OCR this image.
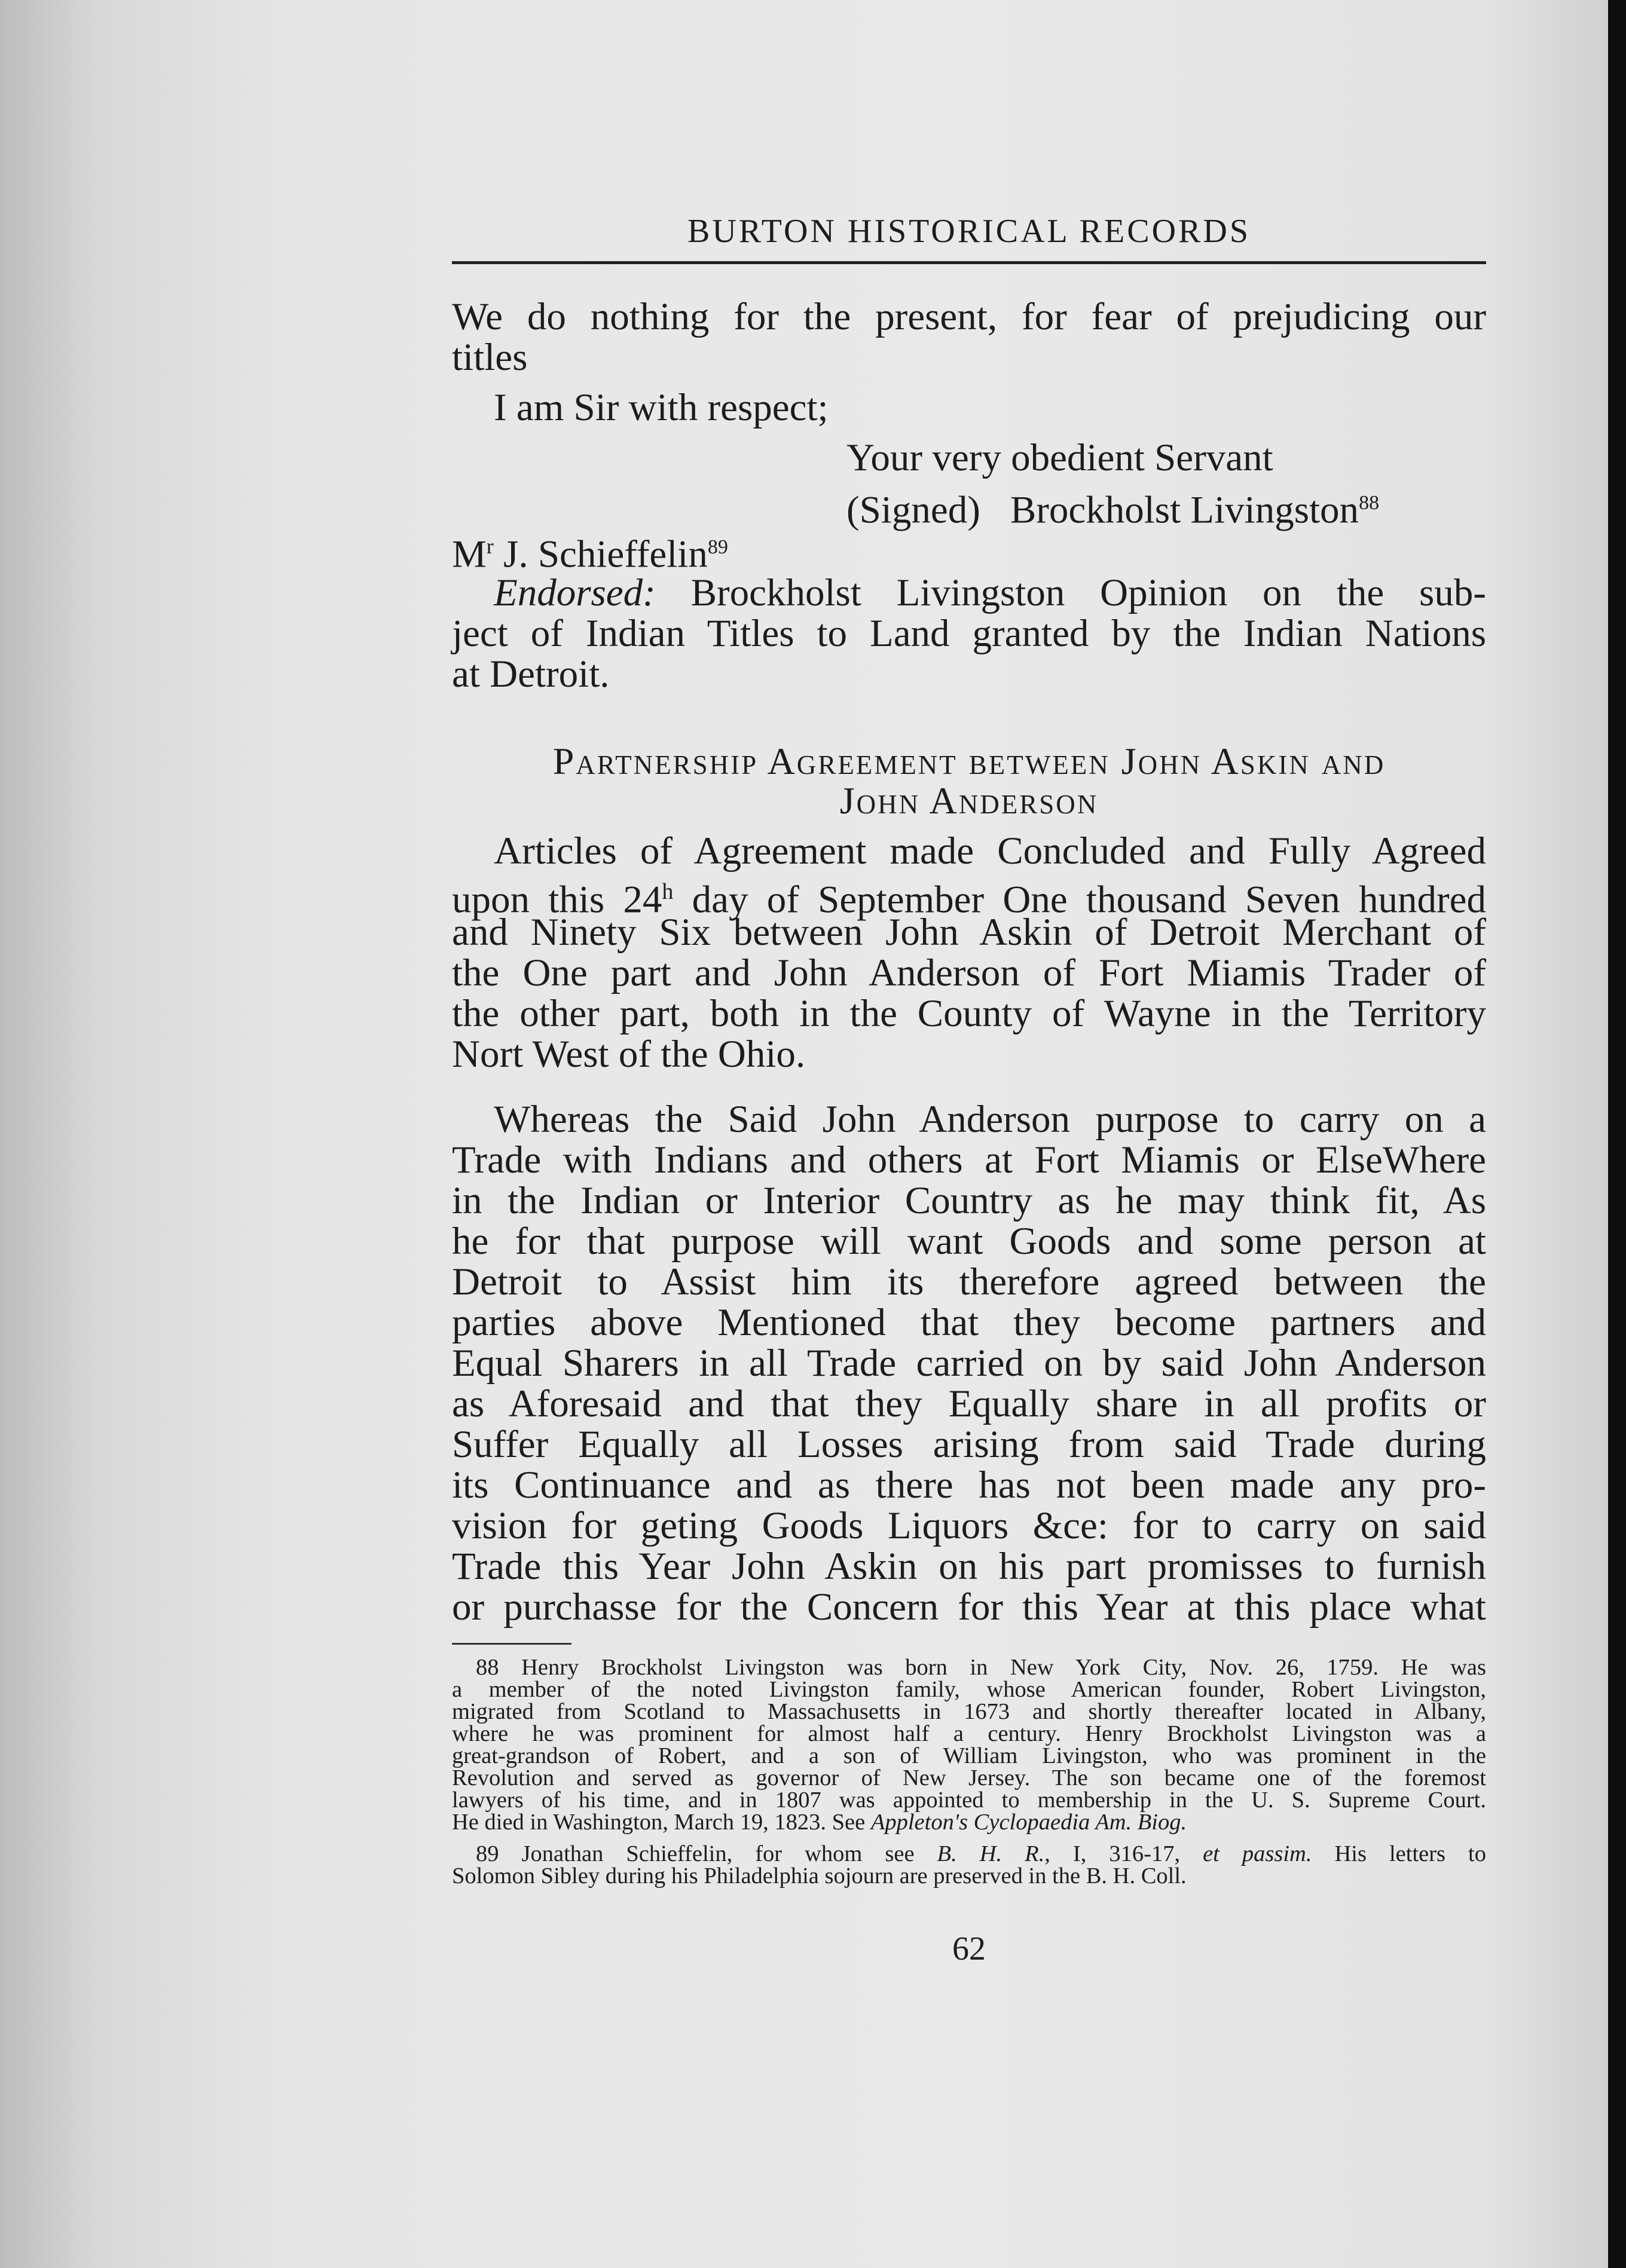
BURTON HISTORICAL RECORDS
We do nothing for the present, for fear of prejudicing our
titles
I am Sir with respect;
Your very obedient Servant
(Signed) Brockholst Livingston$^{88}$
$M^r$ J. Schieffelin$^{89}$
Endorsed: Brockholst Livingston Opinion on the sub-
ject of Indian Titles to Land granted by the Indian Nations
at Detroit.
Partnership Agreement between John Askin and
John Anderson
Articles of Agreement made Concluded and Fully Agreed
upon this 24$^h$ day of September One thousand Seven hundred
and Ninety Six between John Askin of Detroit Merchant of
the One part and John Anderson of Fort Miamis Trader of
the other part, both in the County of Wayne in the Territory
Nort West of the Ohio.
Whereas the Said John Anderson purpose to carry on a
Trade with Indians and others at Fort Miamis or ElseWhere
in the Indian or Interior Country as he may think fit, As
he for that purpose will want Goods and some person at
Detroit to Assist him its therefore agreed between the
parties above Mentioned that they become partners and
Equal Sharers in all Trade carried on by said John Anderson
as Aforesaid and that they Equally share in all profits or
Suffer Equally all Losses arising from said Trade during
its Continuance and as there has not been made any pro-
vision for geting Goods Liquors &ce: for to carry on said
Trade this Year John Askin on his part promisses to furnish
or purchasse for the Concern for this Year at this place what
88 Henry Brockholst Livingston was born in New York City, Nov. 26, 1759. He was
a member of the noted Livingston family, whose American founder, Robert Livingston,
migrated from Scotland to Massachusetts in 1673 and shortly thereafter located in Albany,
where he was prominent for almost half a century. Henry Brockholst Livingston was a
great-grandson of Robert, and a son of William Livingston, who was prominent in the
Revolution and served as governor of New Jersey. The son became one of the foremost
lawyers of his time, and in 1807 was appointed to membership in the U. S. Supreme Court.
He died in Washington, March 19, 1823. See Appleton's Cyclopaedia Am. Biog.
89 Jonathan Schieffelin, for whom see B. H. R., I, 316-17, et passim. His letters to
Solomon Sibley during his Philadelphia sojourn are preserved in the B. H. Coll.
62
